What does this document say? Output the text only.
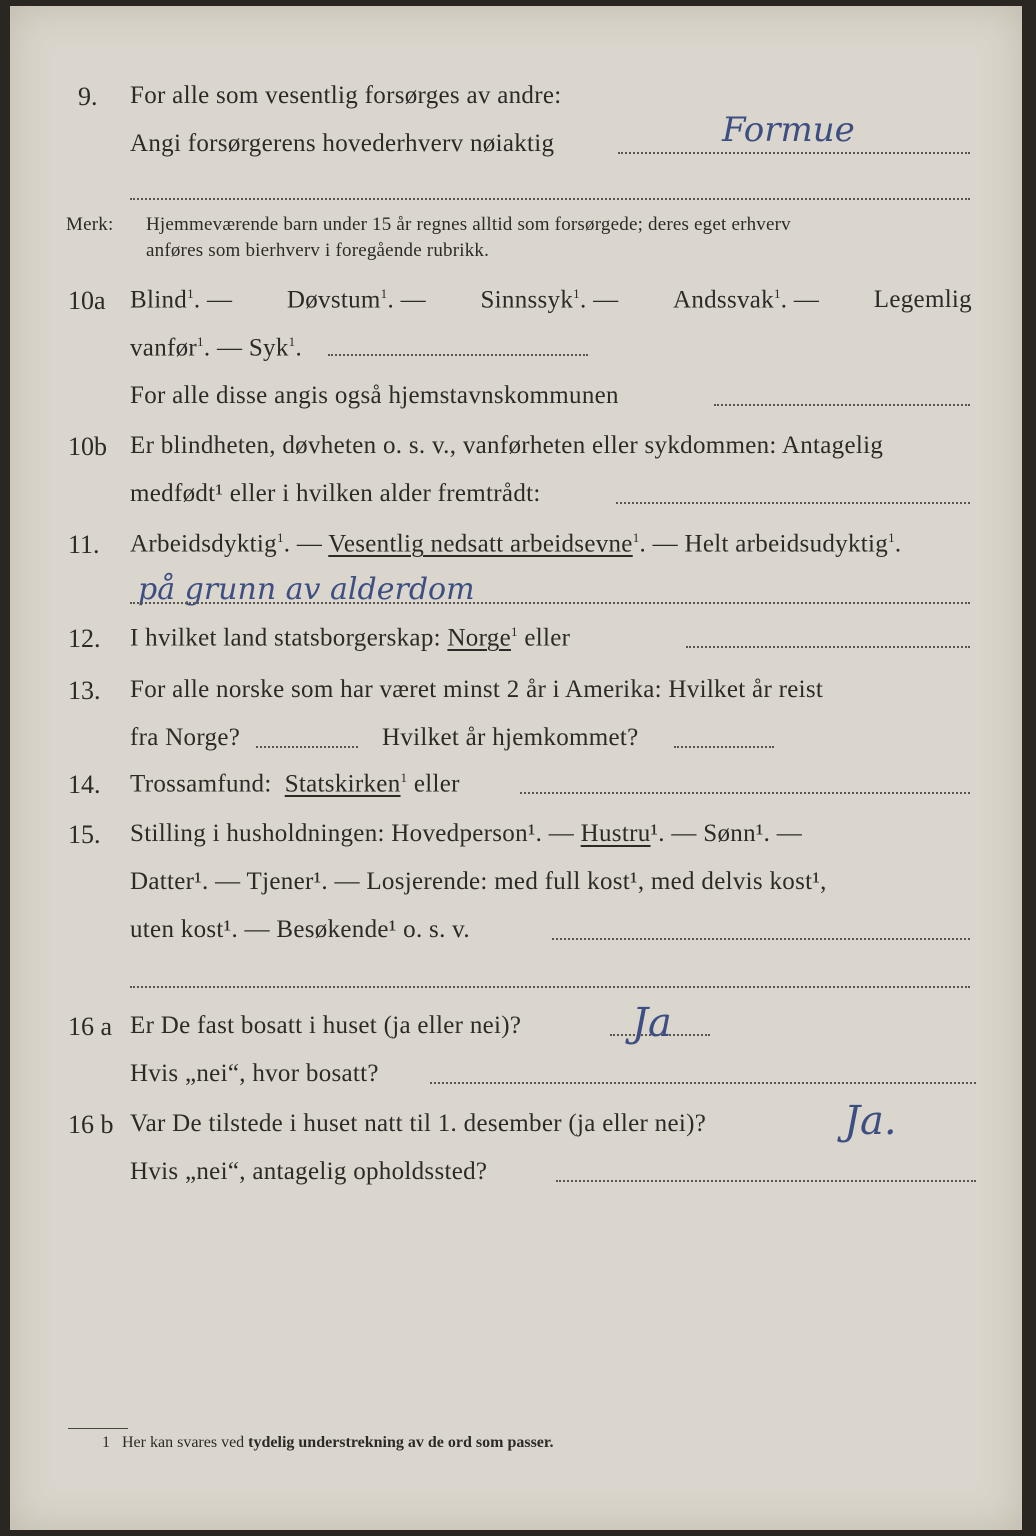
9. For alle som vesentlig forsørges av andre:
Angi forsørgerens hovederhverv nøiaktig	Formue
Merk: Hjemmeværende barn under 15 år regnes alltid som forsørgede; deres eget erhverv
anføres som bierhverv i foregående rubrikk.
10a Blind$^1$. — Døvstum$^1$. — Sinnssyk$^1$. — Andssvak$^1$. — Legemlig
vanfør$^1$. — Syk$^1$.
For alle disse angis også hjemstavnskommunen
10b Er blindheten, døvheten o. s. v., vanførheten eller sykdommen: Antagelig
medfødt¹ eller i hvilken alder fremtrådt:
11. Arbeidsdyktig$^1$. — Vesentlig nedsatt arbeidsevne$^1$. — Helt arbeidsudyktig$^1$.
på grunn av alderdom
12. I hvilket land statsborgerskap: Norge$^1$ eller
13. For alle norske som har været minst 2 år i Amerika: Hvilket år reist
fra Norge?	Hvilket år hjemkommet?
14. Trossamfund: Statskirken$^1$ eller
15. Stilling i husholdningen: Hovedperson¹. — Hustru¹. — Sønn¹. —
Datter¹. — Tjener¹. — Losjerende: med full kost¹, med delvis kost¹,
uten kost¹. — Besøkende¹ o. s. v.
16 a Er De fast bosatt i huset (ja eller nei)?	Ja
Hvis „nei“, hvor bosatt?
16 b Var De tilstede i huset natt til 1. desember (ja eller nei)?	Ja.
Hvis „nei“, antagelig opholdssted?
1 Her kan svares ved tydelig understrekning av de ord som passer.
